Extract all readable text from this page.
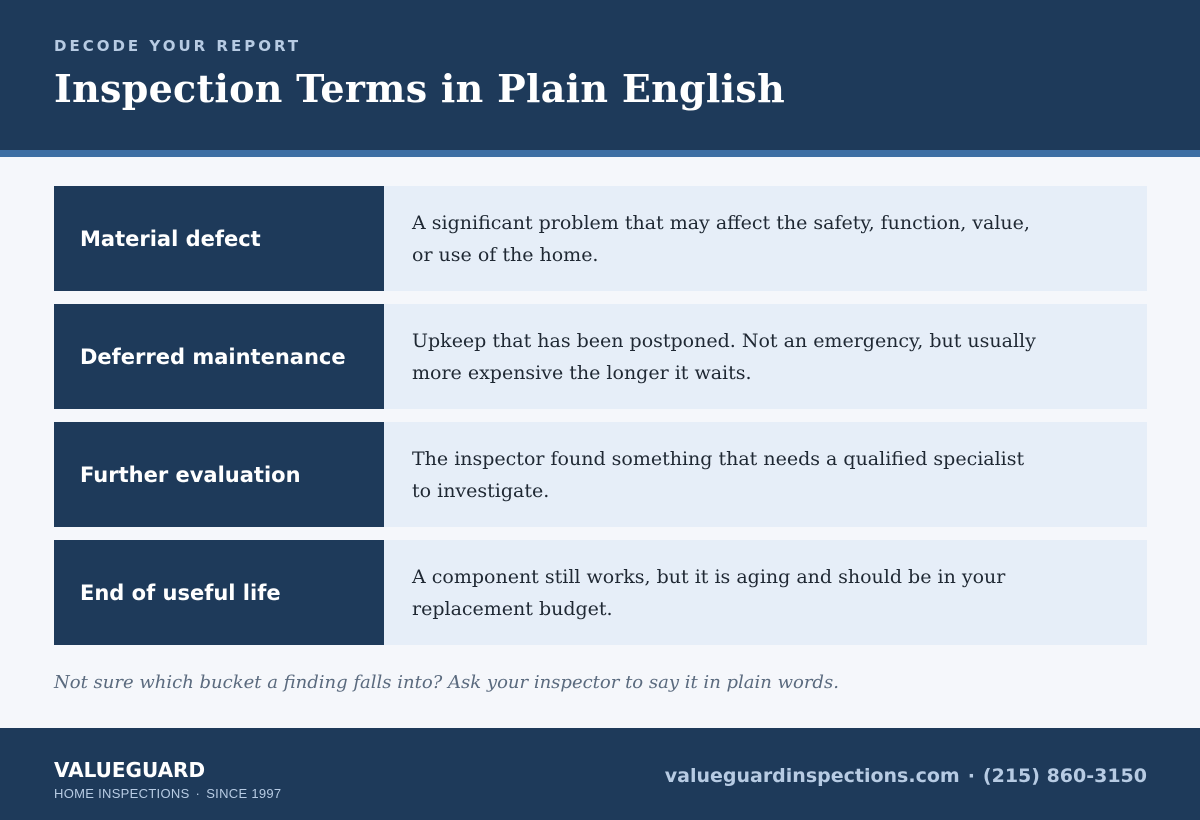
DECODE YOUR REPORT
Inspection Terms in Plain English
Material defect
A significant problem that may affect the safety, function, value, or use of the home.
Deferred maintenance
Upkeep that has been postponed. Not an emergency, but usually more expensive the longer it waits.
Further evaluation
The inspector found something that needs a qualified specialist to investigate.
End of useful life
A component still works, but it is aging and should be in your replacement budget.

Not sure which bucket a finding falls into? Ask your inspector to say it in plain words.

VALUEGUARD
HOME INSPECTIONS · SINCE 1997
valueguardinspections.com · (215) 860-3150
